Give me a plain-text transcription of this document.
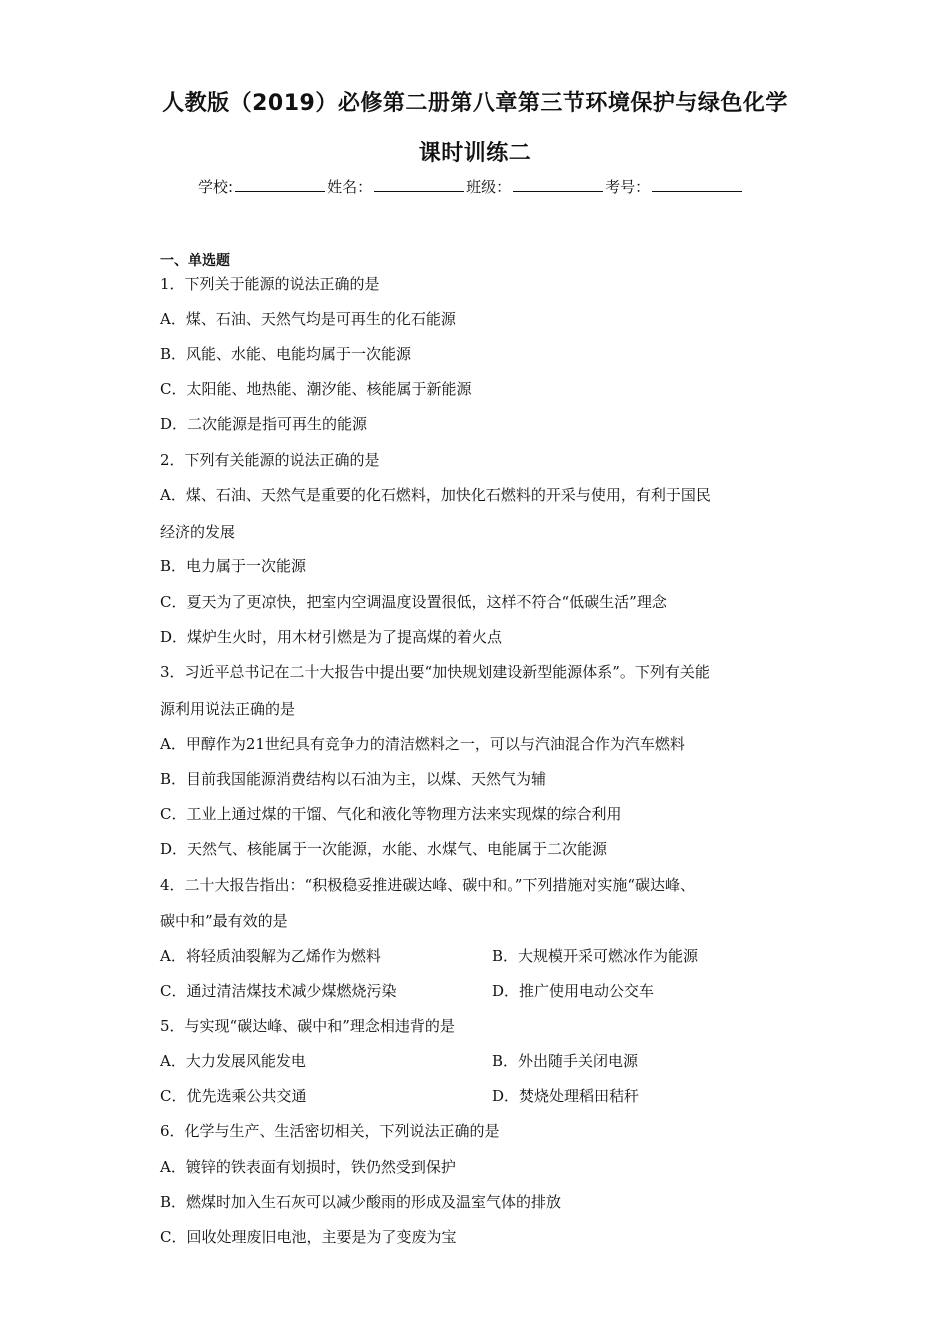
人教版（2019）必修第二册第八章第三节环境保护与绿色化学
课时训练二
学校:	姓名：	班级：	考号：
一、单选题
1．下列关于能源的说法正确的是
A．煤、石油、天然气均是可再生的化石能源
B．风能、水能、电能均属于一次能源
C．太阳能、地热能、潮汐能、核能属于新能源
D．二次能源是指可再生的能源
2．下列有关能源的说法正确的是
A．煤、石油、天然气是重要的化石燃料，加快化石燃料的开采与使用，有利于国民
经济的发展
B．电力属于一次能源
C．夏天为了更凉快，把室内空调温度设置很低，这样不符合“低碳生活”理念
D．煤炉生火时，用木材引燃是为了提高煤的着火点
3．习近平总书记在二十大报告中提出要“加快规划建设新型能源体系”。下列有关能
源利用说法正确的是
A．甲醇作为21世纪具有竞争力的清洁燃料之一，可以与汽油混合作为汽车燃料
B．目前我国能源消费结构以石油为主，以煤、天然气为辅
C．工业上通过煤的干馏、气化和液化等物理方法来实现煤的综合利用
D．天然气、核能属于一次能源，水能、水煤气、电能属于二次能源
4．二十大报告指出：“积极稳妥推进碳达峰、碳中和。”下列措施对实施“碳达峰、
碳中和”最有效的是
A．将轻质油裂解为乙烯作为燃料	B．大规模开采可燃冰作为能源
C．通过清洁煤技术减少煤燃烧污染	D．推广使用电动公交车
5．与实现“碳达峰、碳中和”理念相违背的是
A．大力发展风能发电	B．外出随手关闭电源
C．优先选乘公共交通	D．焚烧处理稻田秸秆
6．化学与生产、生活密切相关，下列说法正确的是
A．镀锌的铁表面有划损时，铁仍然受到保护
B．燃煤时加入生石灰可以减少酸雨的形成及温室气体的排放
C．回收处理废旧电池，主要是为了变废为宝
